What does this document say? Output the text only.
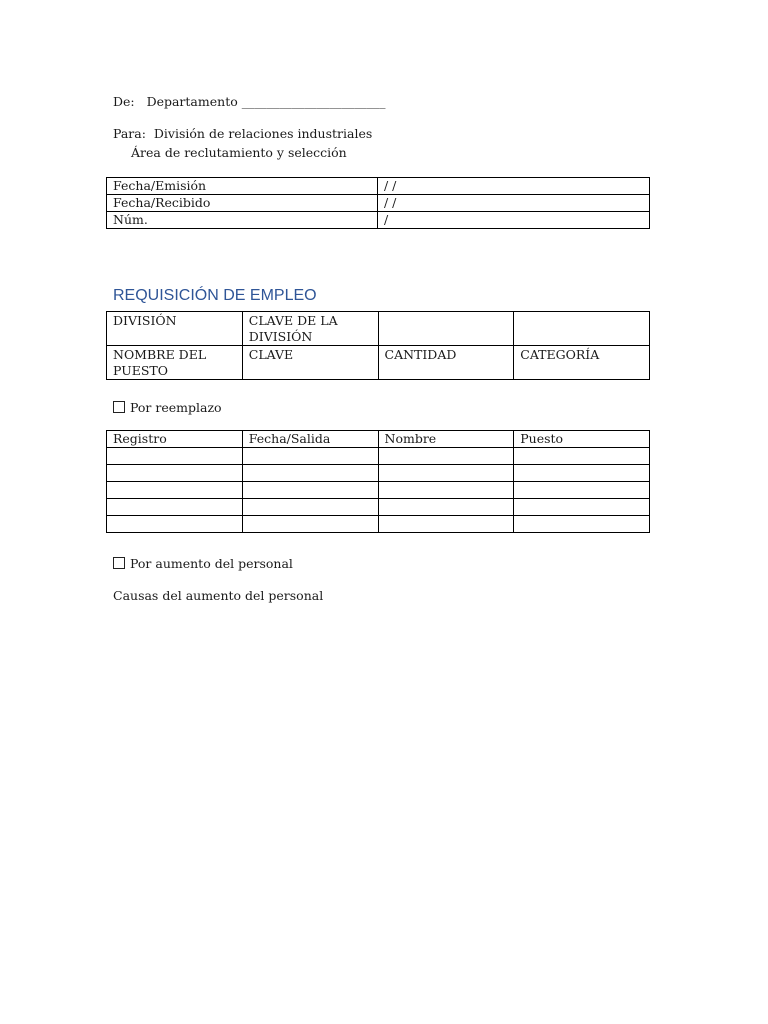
De: Departamento _______________________
Para: División de relaciones industriales
Área de reclutamiento y selección
Fecha/Emisión	/ /
Fecha/Recibido	/ /
Núm.	/
REQUISICIÓN DE EMPLEO
DIVISIÓN	CLAVE DE LA DIVISIÓN		
NOMBRE DEL PUESTO	CLAVE	CANTIDAD	CATEGORÍA
Por reemplazo
Registro	Fecha/Salida	Nombre	Puesto

Por aumento del personal
Causas del aumento del personal
